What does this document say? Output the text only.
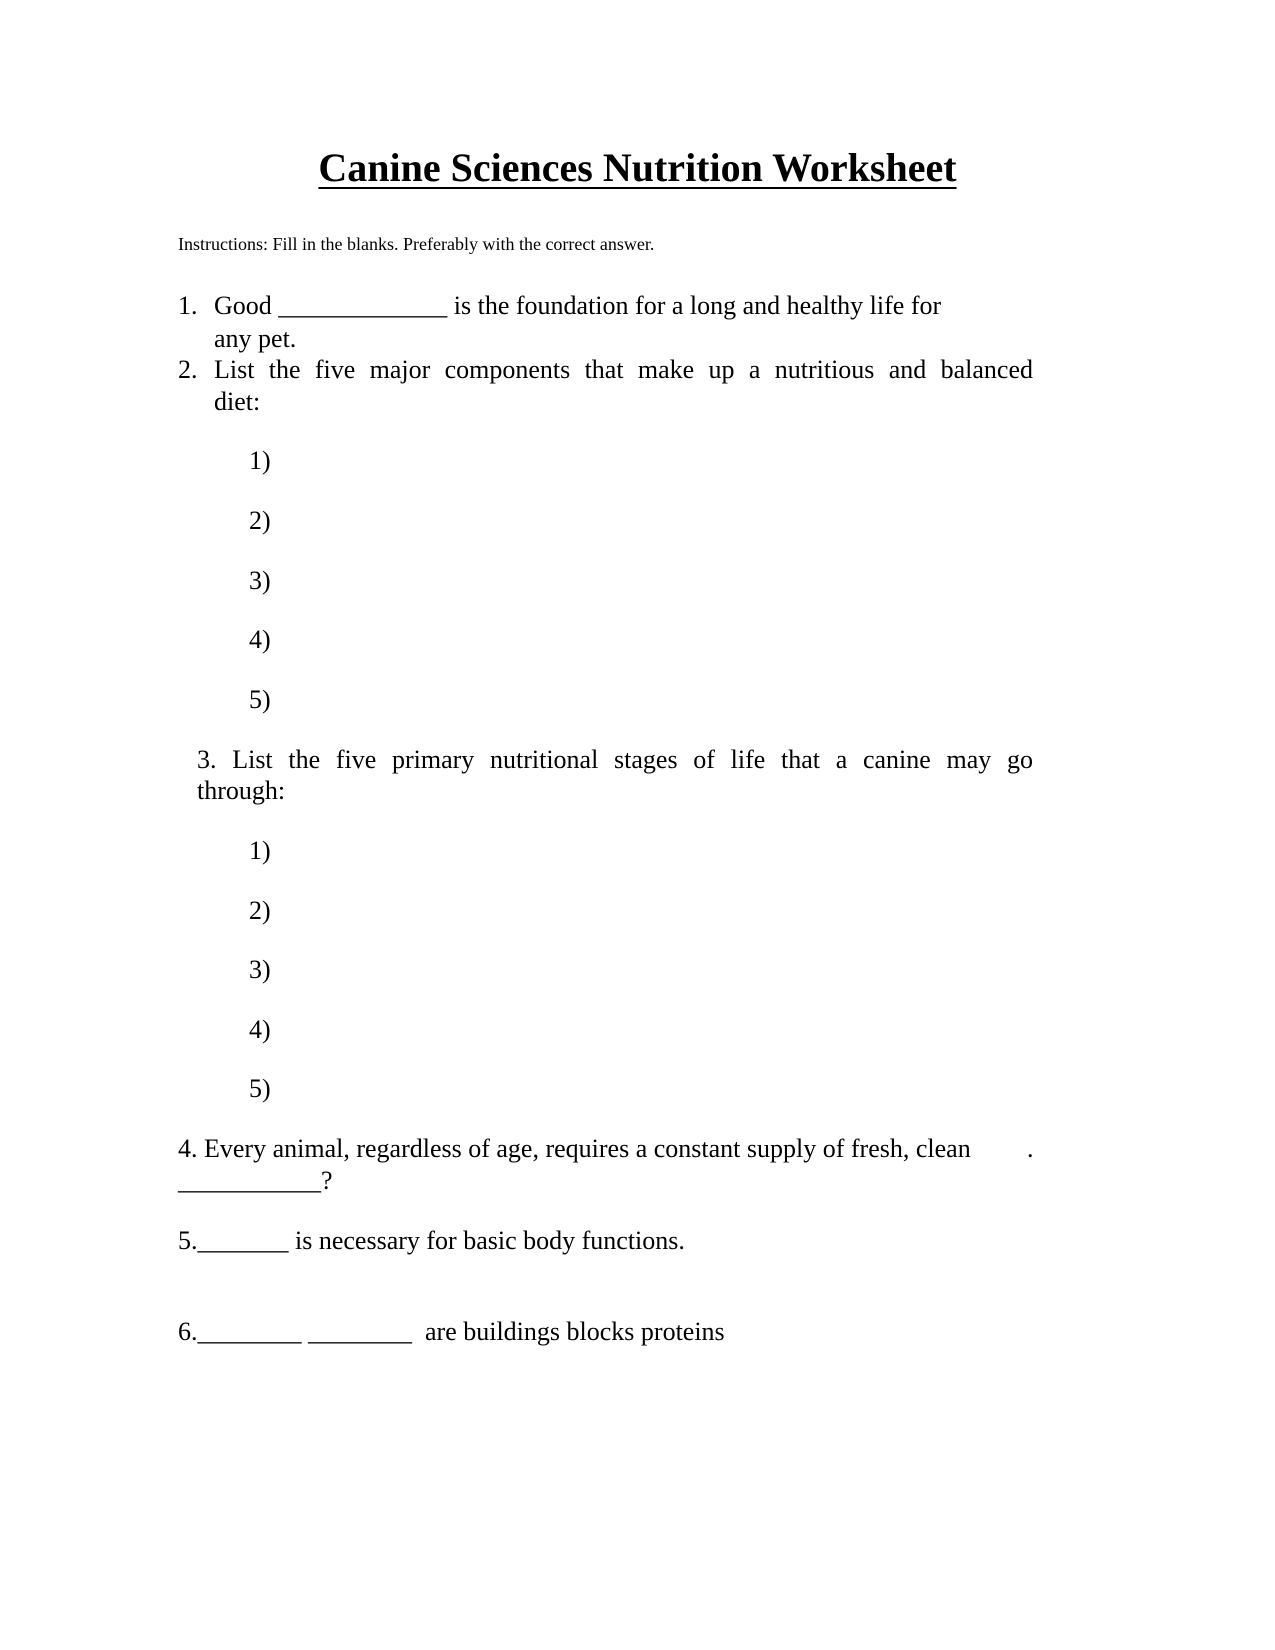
Canine Sciences Nutrition Worksheet
Instructions: Fill in the blanks. Preferably with the correct answer.
1. Good _____________ is the foundation for a long and healthy life for
any pet.
2. List the five major components that make up a nutritious and balanced
diet:
1)
2)
3)
4)
5)
3. List the five primary nutritional stages of life that a canine may go
through:
1)
2)
3)
4)
5)
4. Every animal, regardless of age, requires a constant supply of fresh, clean .
___________?
5._______ is necessary for basic body functions.
6.________ ________  are buildings blocks proteins
